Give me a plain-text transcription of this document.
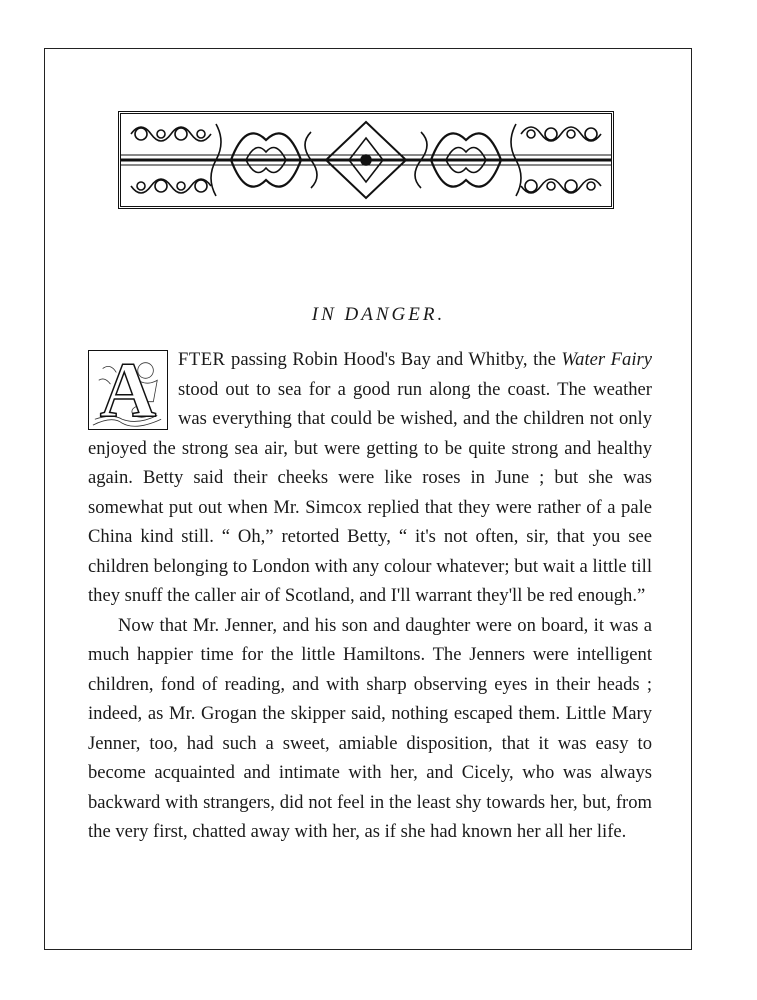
IN DANGER.

A	FTER passing Robin Hood's Bay and Whitby, the Water Fairy stood out to sea for a good run along the coast. The weather was everything that could be wished, and the children not only enjoyed the strong sea air, but were getting to be quite strong and healthy again. Betty said their cheeks were like roses in June ; but she was somewhat put out when Mr. Simcox replied that they were rather of a pale China kind still. “ Oh,” retorted Betty, “ it's not often, sir, that you see children belonging to London with any colour whatever; but wait a little till they snuff the caller air of Scotland, and I'll warrant they'll be red enough.”

Now that Mr. Jenner, and his son and daughter were on board, it was a much happier time for the little Hamiltons. The Jenners were intelligent children, fond of reading, and with sharp observing eyes in their heads ; indeed, as Mr. Grogan the skipper said, nothing escaped them. Little Mary Jenner, too, had such a sweet, amiable disposition, that it was easy to become acquainted and intimate with her, and Cicely, who was always backward with strangers, did not feel in the least shy towards her, but, from the very first, chatted away with her, as if she had known her all her life.
